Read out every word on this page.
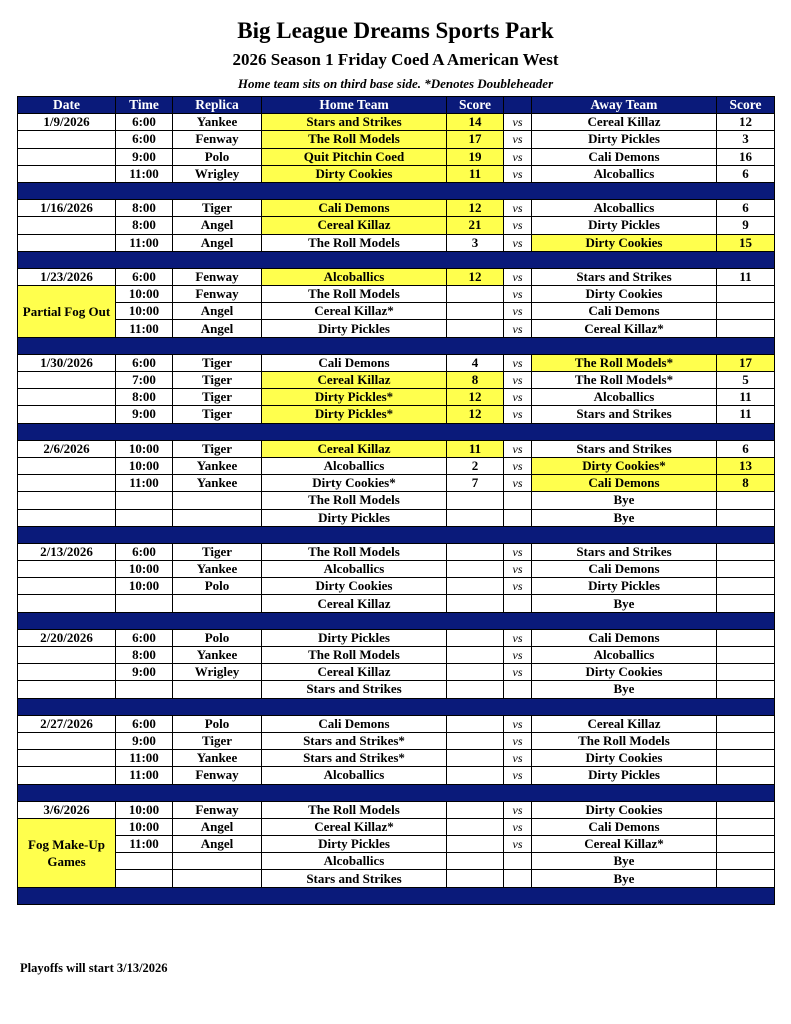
Big League Dreams Sports Park
2026 Season 1 Friday Coed A American West
Home team sits on third base side. *Denotes Doubleheader
Date	Time	Replica	Home Team	Score		Away Team	Score
1/9/2026	6:00	Yankee	Stars and Strikes	14	vs	Cereal Killaz	12
	6:00	Fenway	The Roll Models	17	vs	Dirty Pickles	3
	9:00	Polo	Quit Pitchin Coed	19	vs	Cali Demons	16
	11:00	Wrigley	Dirty Cookies	11	vs	Alcoballics	6

1/16/2026	8:00	Tiger	Cali Demons	12	vs	Alcoballics	6
	8:00	Angel	Cereal Killaz	21	vs	Dirty Pickles	9
	11:00	Angel	The Roll Models	3	vs	Dirty Cookies	15

1/23/2026	6:00	Fenway	Alcoballics	12	vs	Stars and Strikes	11
Partial Fog Out	10:00	Fenway	The Roll Models		vs	Dirty Cookies	
	10:00	Angel	Cereal Killaz*		vs	Cali Demons	
	11:00	Angel	Dirty Pickles		vs	Cereal Killaz*	

1/30/2026	6:00	Tiger	Cali Demons	4	vs	The Roll Models*	17
	7:00	Tiger	Cereal Killaz	8	vs	The Roll Models*	5
	8:00	Tiger	Dirty Pickles*	12	vs	Alcoballics	11
	9:00	Tiger	Dirty Pickles*	12	vs	Stars and Strikes	11

2/6/2026	10:00	Tiger	Cereal Killaz	11	vs	Stars and Strikes	6
	10:00	Yankee	Alcoballics	2	vs	Dirty Cookies*	13
	11:00	Yankee	Dirty Cookies*	7	vs	Cali Demons	8
			The Roll Models			Bye	
			Dirty Pickles			Bye	

2/13/2026	6:00	Tiger	The Roll Models		vs	Stars and Strikes	
	10:00	Yankee	Alcoballics		vs	Cali Demons	
	10:00	Polo	Dirty Cookies		vs	Dirty Pickles	
			Cereal Killaz			Bye	

2/20/2026	6:00	Polo	Dirty Pickles		vs	Cali Demons	
	8:00	Yankee	The Roll Models		vs	Alcoballics	
	9:00	Wrigley	Cereal Killaz		vs	Dirty Cookies	
			Stars and Strikes			Bye	

2/27/2026	6:00	Polo	Cali Demons		vs	Cereal Killaz	
	9:00	Tiger	Stars and Strikes*		vs	The Roll Models	
	11:00	Yankee	Stars and Strikes*		vs	Dirty Cookies	
	11:00	Fenway	Alcoballics		vs	Dirty Pickles	

3/6/2026	10:00	Fenway	The Roll Models		vs	Dirty Cookies	
Fog Make-Up Games	10:00	Angel	Cereal Killaz*		vs	Cali Demons	
	11:00	Angel	Dirty Pickles		vs	Cereal Killaz*	
			Alcoballics			Bye	
			Stars and Strikes			Bye	

Playoffs will start 3/13/2026
